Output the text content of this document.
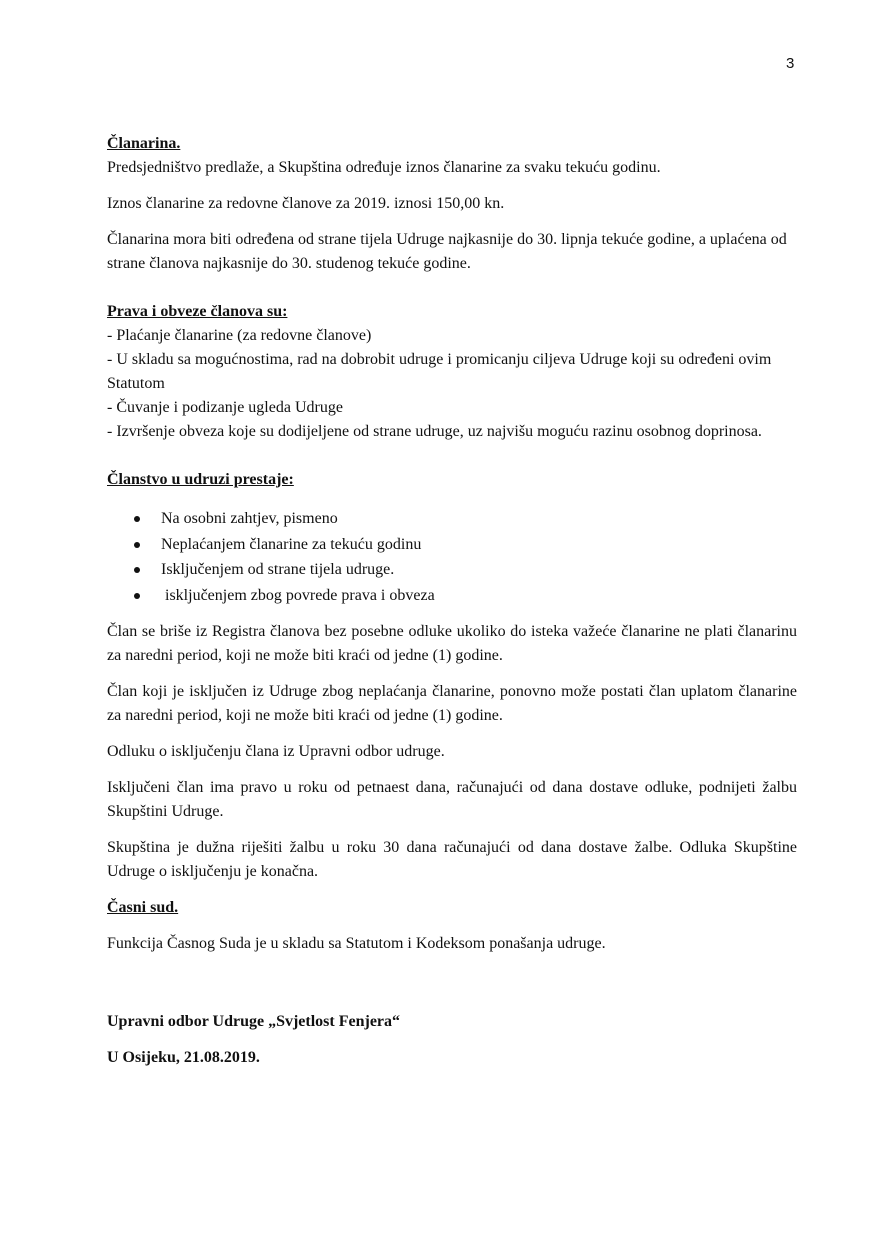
3

Članarina.

Predsjedništvo predlaže, a Skupština određuje iznos članarine za svaku tekuću godinu.

Iznos članarine za redovne članove za 2019. iznosi 150,00 kn.

Članarina mora biti određena od strane tijela Udruge najkasnije do 30. lipnja tekuće godine, a uplaćena od strane članova najkasnije do 30. studenog tekuće godine.

Prava i obveze članova su:

- Plaćanje članarine (za redovne članove)

- U skladu sa mogućnostima, rad na dobrobit udruge i promicanju ciljeva Udruge koji su određeni ovim Statutom

- Čuvanje i podizanje ugleda Udruge

- Izvršenje obveza koje su dodijeljene od strane udruge, uz najvišu moguću razinu osobnog doprinosa.

Članstvo u udruzi prestaje:

Na osobni zahtjev, pismeno
Neplaćanjem članarine za tekuću godinu
Isključenjem od strane tijela udruge.
isključenjem zbog povrede prava i obveza

Član se briše iz Registra članova bez posebne odluke ukoliko do isteka važeće članarine ne plati članarinu za naredni period, koji ne može biti kraći od jedne (1) godine.

Član koji je isključen iz Udruge zbog neplaćanja članarine, ponovno može postati član uplatom članarine za naredni period, koji ne može biti kraći od jedne (1) godine.

Odluku o isključenju člana iz Upravni odbor udruge.

Isključeni član ima pravo u roku od petnaest dana, računajući od dana dostave odluke, podnijeti žalbu Skupštini Udruge.

Skupština je dužna riješiti žalbu u roku 30 dana računajući od dana dostave žalbe. Odluka Skupštine Udruge o isključenju je konačna.

Časni sud.

Funkcija Časnog Suda je u skladu sa Statutom i Kodeksom ponašanja udruge.

Upravni odbor Udruge „Svjetlost Fenjera“

U Osijeku, 21.08.2019.
